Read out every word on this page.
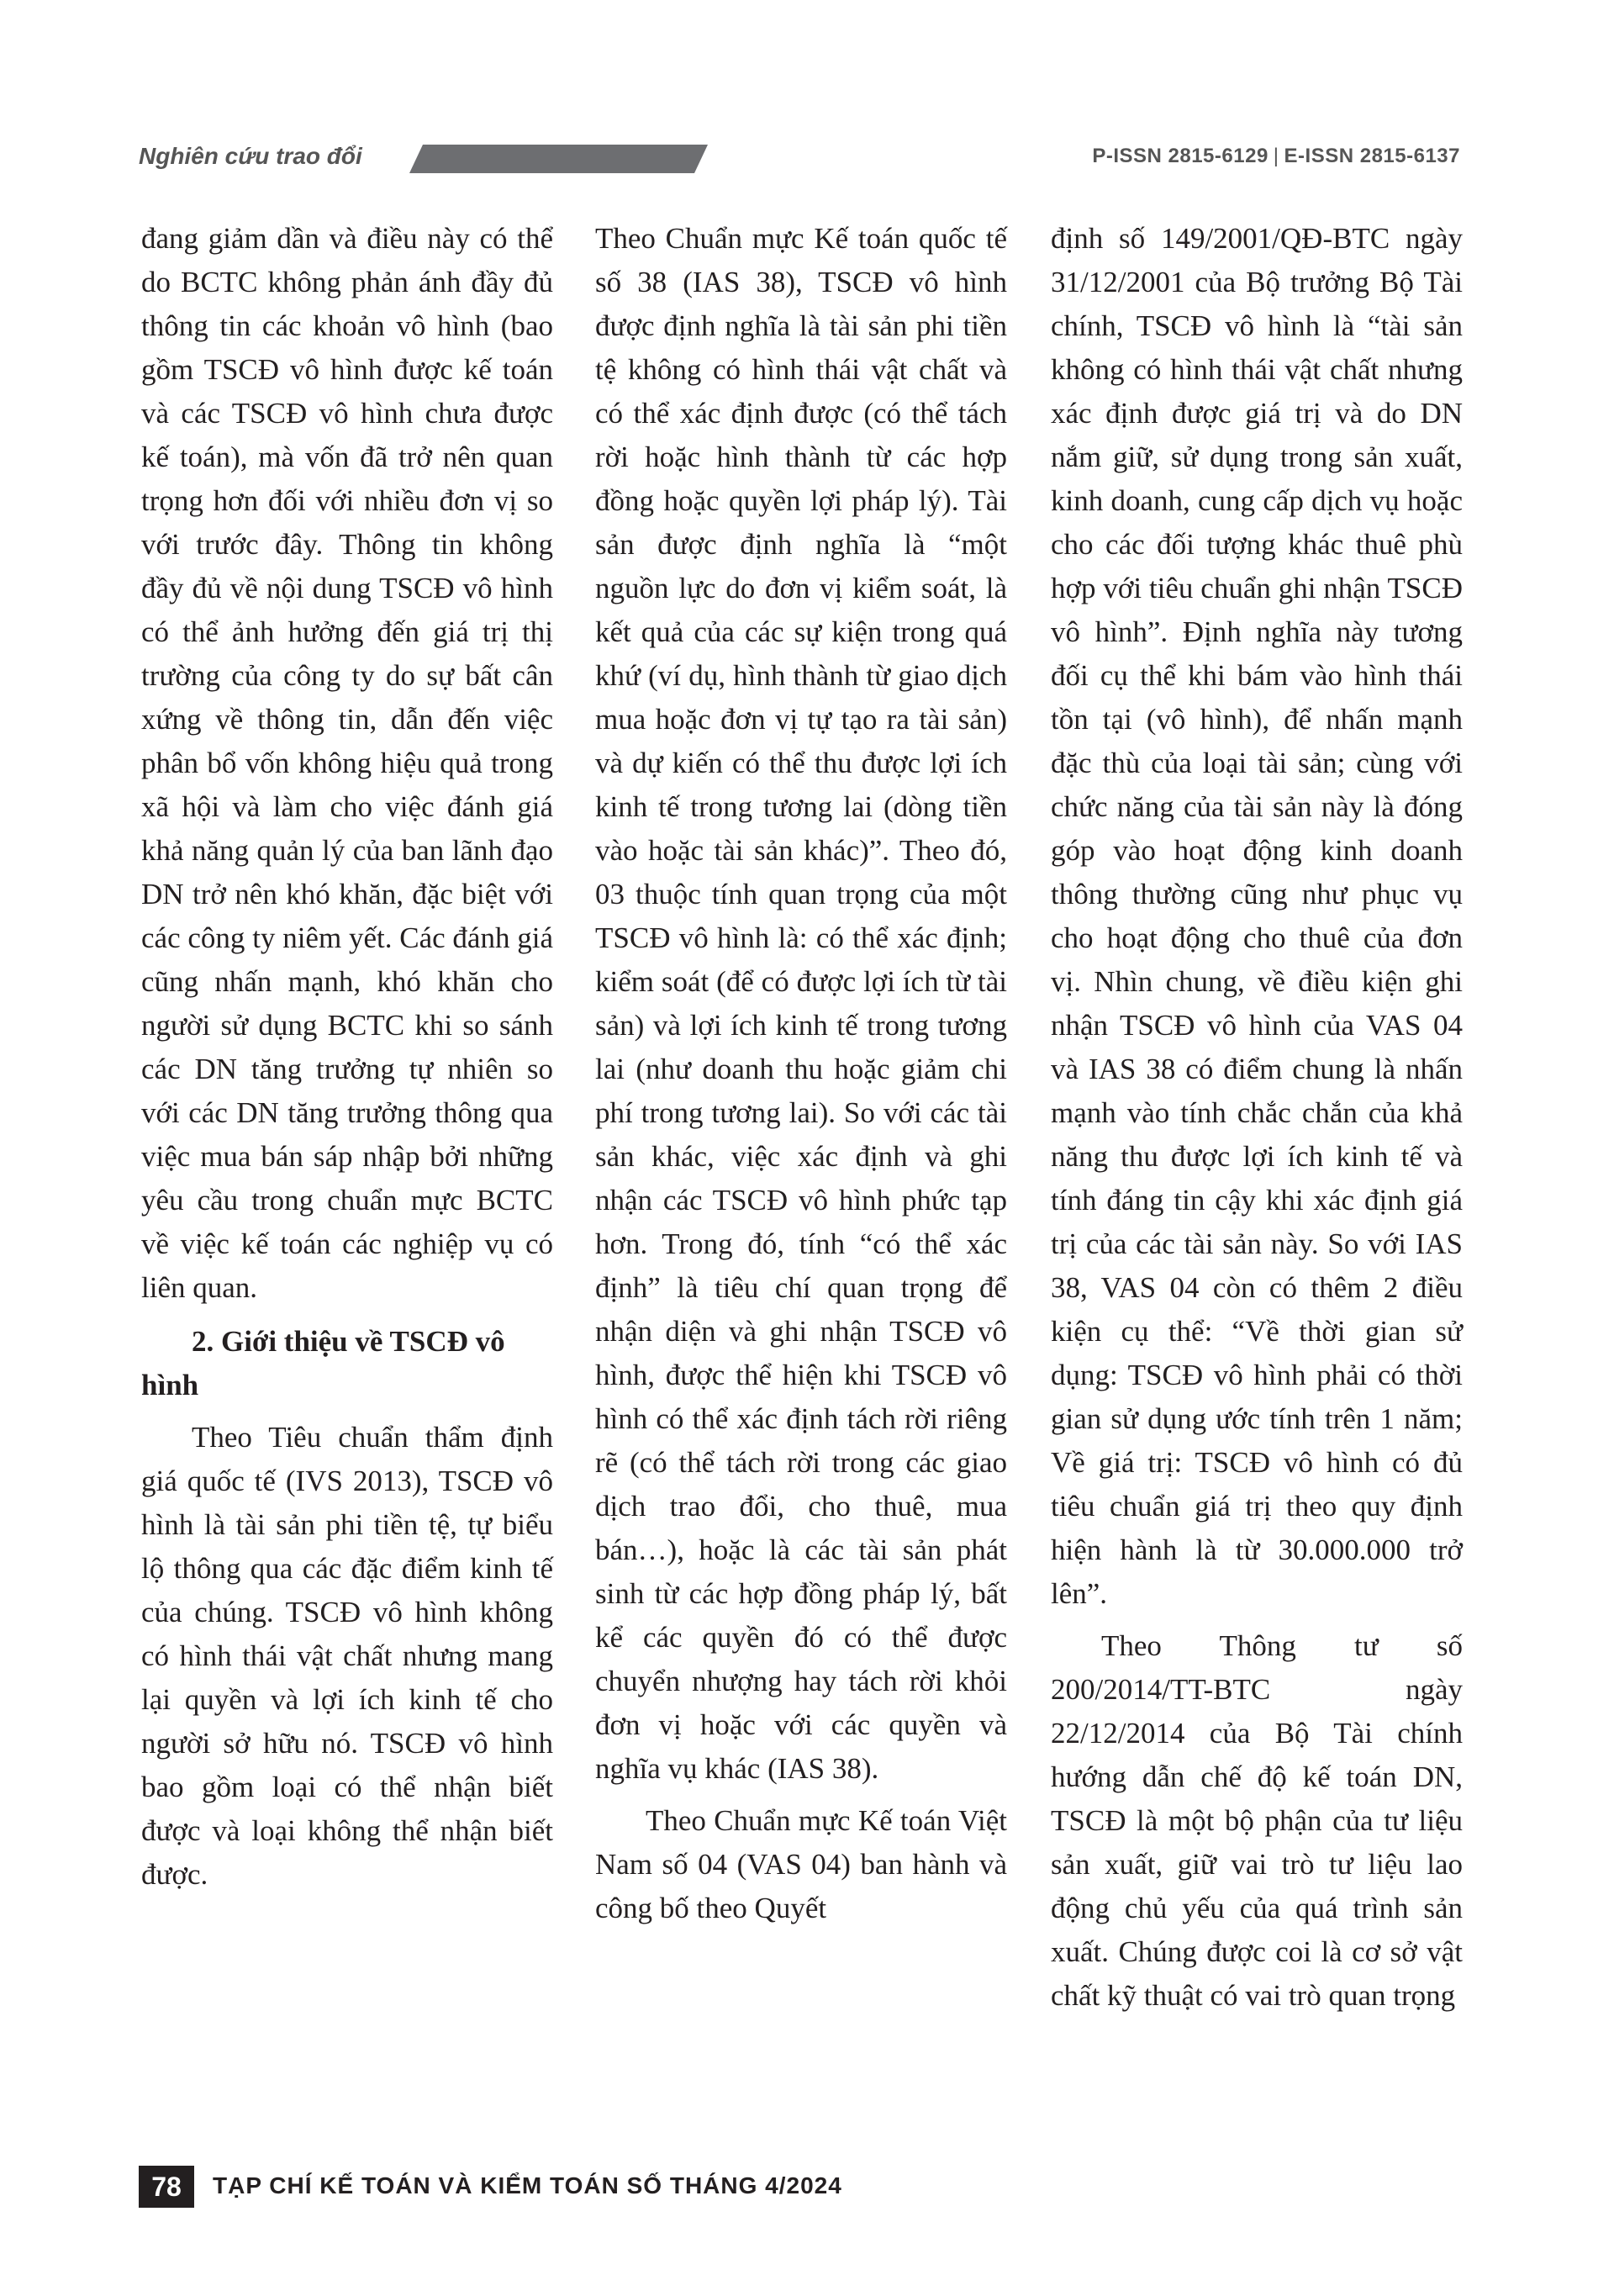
Nghiên cứu trao đổi	P-ISSN 2815-6129 | E-ISSN 2815-6137

đang giảm dần và điều này có thể do BCTC không phản ánh đầy đủ thông tin các khoản vô hình (bao gồm TSCĐ vô hình được kế toán và các TSCĐ vô hình chưa được kế toán), mà vốn đã trở nên quan trọng hơn đối với nhiều đơn vị so với trước đây. Thông tin không đầy đủ về nội dung TSCĐ vô hình có thể ảnh hưởng đến giá trị thị trường của công ty do sự bất cân xứng về thông tin, dẫn đến việc phân bổ vốn không hiệu quả trong xã hội và làm cho việc đánh giá khả năng quản lý của ban lãnh đạo DN trở nên khó khăn, đặc biệt với các công ty niêm yết. Các đánh giá cũng nhấn mạnh, khó khăn cho người sử dụng BCTC khi so sánh các DN tăng trưởng tự nhiên so với các DN tăng trưởng thông qua việc mua bán sáp nhập bởi những yêu cầu trong chuẩn mực BCTC về việc kế toán các nghiệp vụ có liên quan.

2. Giới thiệu về TSCĐ vô hình

Theo Tiêu chuẩn thẩm định giá quốc tế (IVS 2013), TSCĐ vô hình là tài sản phi tiền tệ, tự biểu lộ thông qua các đặc điểm kinh tế của chúng. TSCĐ vô hình không có hình thái vật chất nhưng mang lại quyền và lợi ích kinh tế cho người sở hữu nó. TSCĐ vô hình bao gồm loại có thể nhận biết được và loại không thể nhận biết được.

Theo Chuẩn mực Kế toán quốc tế số 38 (IAS 38), TSCĐ vô hình được định nghĩa là tài sản phi tiền tệ không có hình thái vật chất và có thể xác định được (có thể tách rời hoặc hình thành từ các hợp đồng hoặc quyền lợi pháp lý). Tài sản được định nghĩa là “một nguồn lực do đơn vị kiểm soát, là kết quả của các sự kiện trong quá khứ (ví dụ, hình thành từ giao dịch mua hoặc đơn vị tự tạo ra tài sản) và dự kiến có thể thu được lợi ích kinh tế trong tương lai (dòng tiền vào hoặc tài sản khác)”. Theo đó, 03 thuộc tính quan trọng của một TSCĐ vô hình là: có thể xác định; kiểm soát (để có được lợi ích từ tài sản) và lợi ích kinh tế trong tương lai (như doanh thu hoặc giảm chi phí trong tương lai). So với các tài sản khác, việc xác định và ghi nhận các TSCĐ vô hình phức tạp hơn. Trong đó, tính “có thể xác định” là tiêu chí quan trọng để nhận diện và ghi nhận TSCĐ vô hình, được thể hiện khi TSCĐ vô hình có thể xác định tách rời riêng rẽ (có thể tách rời trong các giao dịch trao đổi, cho thuê, mua bán…), hoặc là các tài sản phát sinh từ các hợp đồng pháp lý, bất kể các quyền đó có thể được chuyển nhượng hay tách rời khỏi đơn vị hoặc với các quyền và nghĩa vụ khác (IAS 38).

Theo Chuẩn mực Kế toán Việt Nam số 04 (VAS 04) ban hành và công bố theo Quyết

định số 149/2001/QĐ-BTC ngày 31/12/2001 của Bộ trưởng Bộ Tài chính, TSCĐ vô hình là “tài sản không có hình thái vật chất nhưng xác định được giá trị và do DN nắm giữ, sử dụng trong sản xuất, kinh doanh, cung cấp dịch vụ hoặc cho các đối tượng khác thuê phù hợp với tiêu chuẩn ghi nhận TSCĐ vô hình”. Định nghĩa này tương đối cụ thể khi bám vào hình thái tồn tại (vô hình), để nhấn mạnh đặc thù của loại tài sản; cùng với chức năng của tài sản này là đóng góp vào hoạt động kinh doanh thông thường cũng như phục vụ cho hoạt động cho thuê của đơn vị. Nhìn chung, về điều kiện ghi nhận TSCĐ vô hình của VAS 04 và IAS 38 có điểm chung là nhấn mạnh vào tính chắc chắn của khả năng thu được lợi ích kinh tế và tính đáng tin cậy khi xác định giá trị của các tài sản này. So với IAS 38, VAS 04 còn có thêm 2 điều kiện cụ thể: “Về thời gian sử dụng: TSCĐ vô hình phải có thời gian sử dụng ước tính trên 1 năm; Về giá trị: TSCĐ vô hình có đủ tiêu chuẩn giá trị theo quy định hiện hành là từ 30.000.000 trở lên”.

Theo Thông tư số 200/2014/TT-BTC ngày 22/12/2014 của Bộ Tài chính hướng dẫn chế độ kế toán DN, TSCĐ là một bộ phận của tư liệu sản xuất, giữ vai trò tư liệu lao động chủ yếu của quá trình sản xuất. Chúng được coi là cơ sở vật chất kỹ thuật có vai trò quan trọng

78	TẠP CHÍ KẾ TOÁN VÀ KIỂM TOÁN SỐ THÁNG 4/2024
